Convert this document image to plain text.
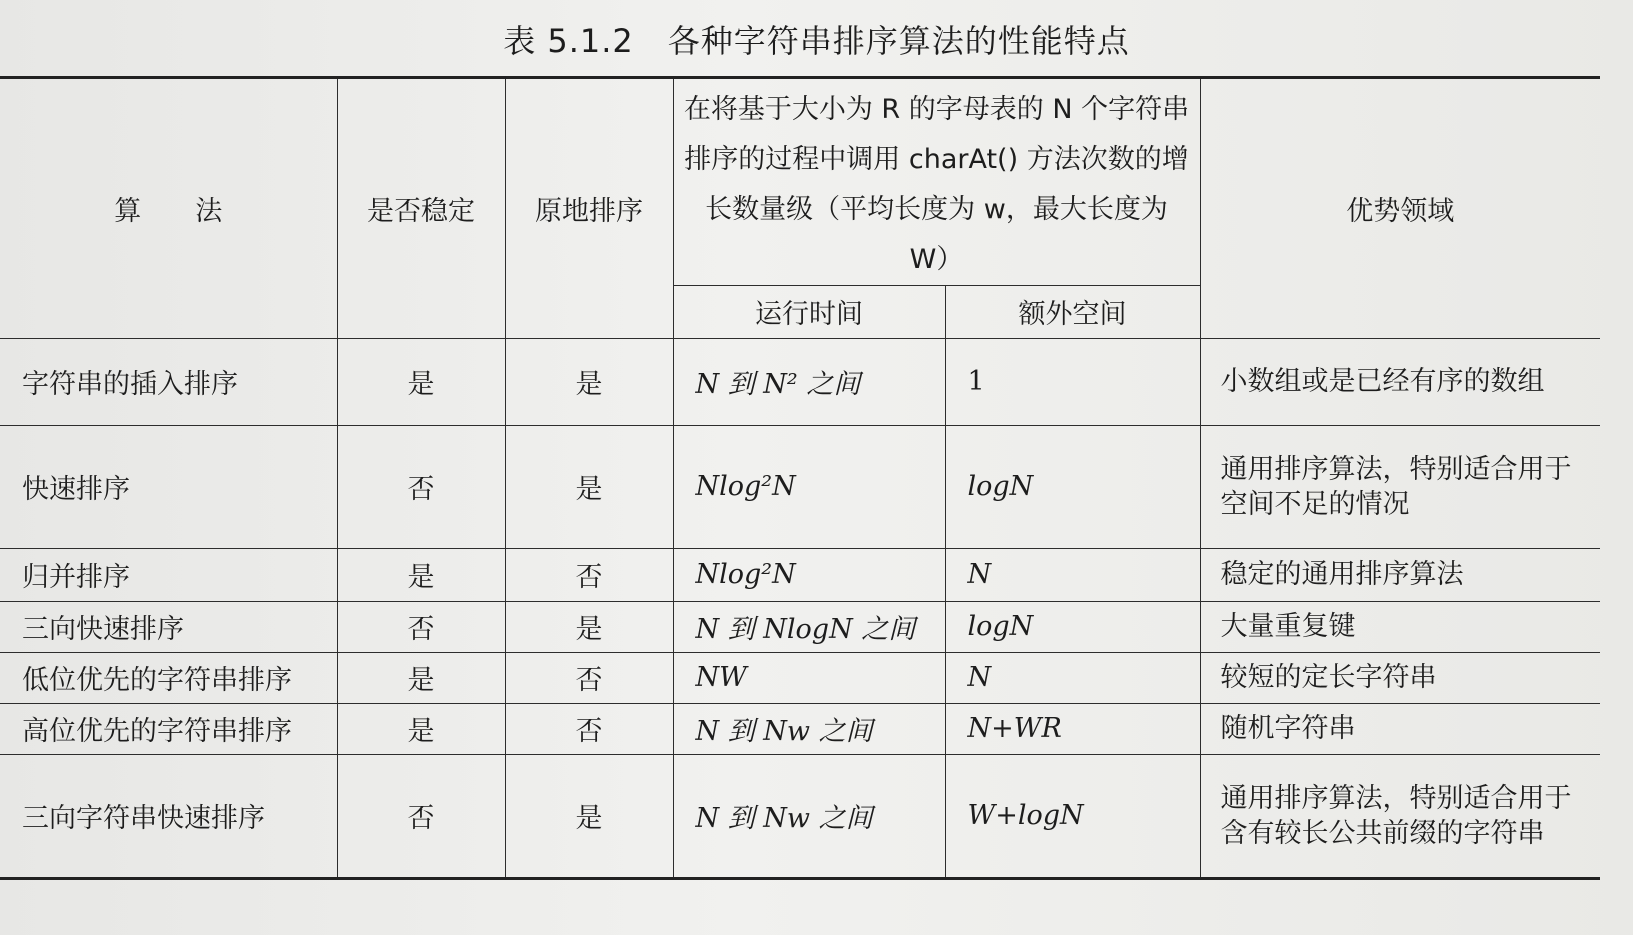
表 5.1.2 各种字符串排序算法的性能特点
算　　法	是否稳定	原地排序	在将基于大小为 R 的字母表的 N 个字符串排序的过程中调用 charAt() 方法次数的增长数量级（平均长度为 w，最大长度为 W）		优势领域
			运行时间	额外空间	
字符串的插入排序	是	是	N 到 N² 之间	1	小数组或是已经有序的数组
快速排序	否	是	Nlog²N	logN	通用排序算法，特别适合用于空间不足的情况
归并排序	是	否	Nlog²N	N	稳定的通用排序算法
三向快速排序	否	是	N 到 NlogN 之间	logN	大量重复键
低位优先的字符串排序	是	否	NW	N	较短的定长字符串
高位优先的字符串排序	是	否	N 到 Nw 之间	N+WR	随机字符串
三向字符串快速排序	否	是	N 到 Nw 之间	W+logN	通用排序算法，特别适合用于含有较长公共前缀的字符串
